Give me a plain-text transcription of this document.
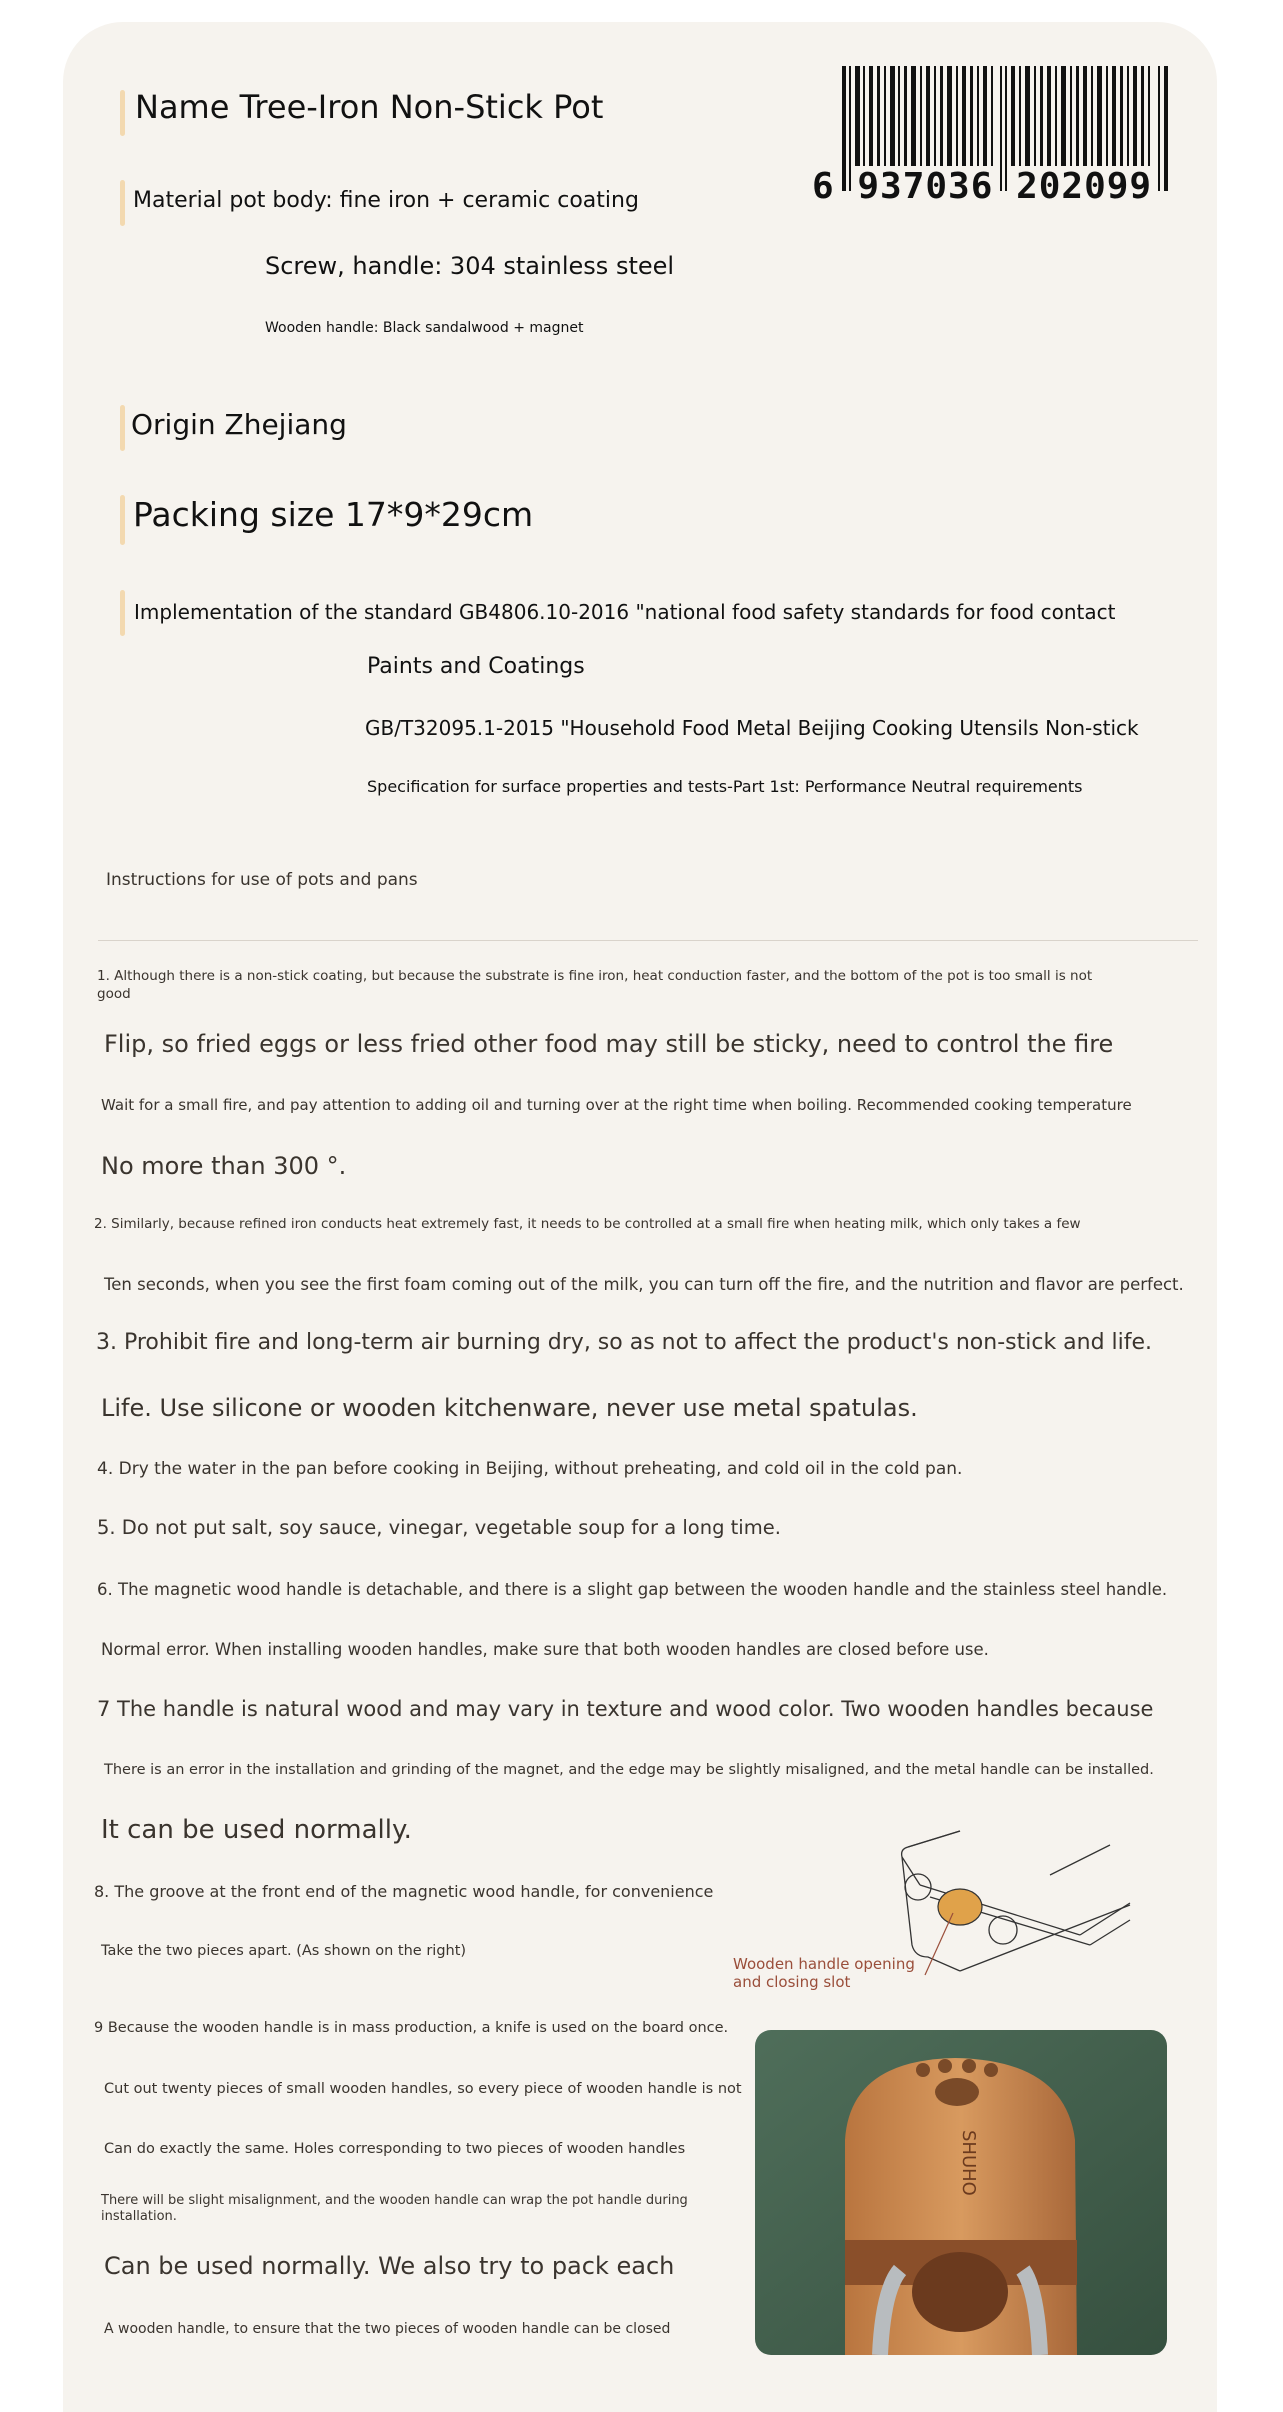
6 937036 202099
Name Tree-Iron Non-Stick Pot
Material pot body: fine iron + ceramic coating
Screw, handle: 304 stainless steel
Wooden handle: Black sandalwood + magnet
Origin Zhejiang
Packing size 17*9*29cm
Implementation of the standard GB4806.10-2016 "national food safety standards for food contact
Paints and Coatings
GB/T32095.1-2015 "Household Food Metal Beijing Cooking Utensils Non-stick
Specification for surface properties and tests-Part 1st: Performance Neutral requirements
Instructions for use of pots and pans
1. Although there is a non-stick coating, but because the substrate is fine iron, heat conduction faster, and the bottom of the pot is too small is not
good
Flip, so fried eggs or less fried other food may still be sticky, need to control the fire
Wait for a small fire, and pay attention to adding oil and turning over at the right time when boiling. Recommended cooking temperature
No more than 300 °.
2. Similarly, because refined iron conducts heat extremely fast, it needs to be controlled at a small fire when heating milk, which only takes a few
Ten seconds, when you see the first foam coming out of the milk, you can turn off the fire, and the nutrition and flavor are perfect.
3. Prohibit fire and long-term air burning dry, so as not to affect the product's non-stick and life.
Life. Use silicone or wooden kitchenware, never use metal spatulas.
4. Dry the water in the pan before cooking in Beijing, without preheating, and cold oil in the cold pan.
5. Do not put salt, soy sauce, vinegar, vegetable soup for a long time.
6. The magnetic wood handle is detachable, and there is a slight gap between the wooden handle and the stainless steel handle.
Normal error. When installing wooden handles, make sure that both wooden handles are closed before use.
7 The handle is natural wood and may vary in texture and wood color. Two wooden handles because
There is an error in the installation and grinding of the magnet, and the edge may be slightly misaligned, and the metal handle can be installed.
It can be used normally.
8. The groove at the front end of the magnetic wood handle, for convenience
Take the two pieces apart. (As shown on the right)
9 Because the wooden handle is in mass production, a knife is used on the board once.
Cut out twenty pieces of small wooden handles, so every piece of wooden handle is not
Can do exactly the same. Holes corresponding to two pieces of wooden handles
There will be slight misalignment, and the wooden handle can wrap the pot handle during
installation.
Can be used normally. We also try to pack each
A wooden handle, to ensure that the two pieces of wooden handle can be closed
Wooden handle opening
and closing slot
SHUHO
